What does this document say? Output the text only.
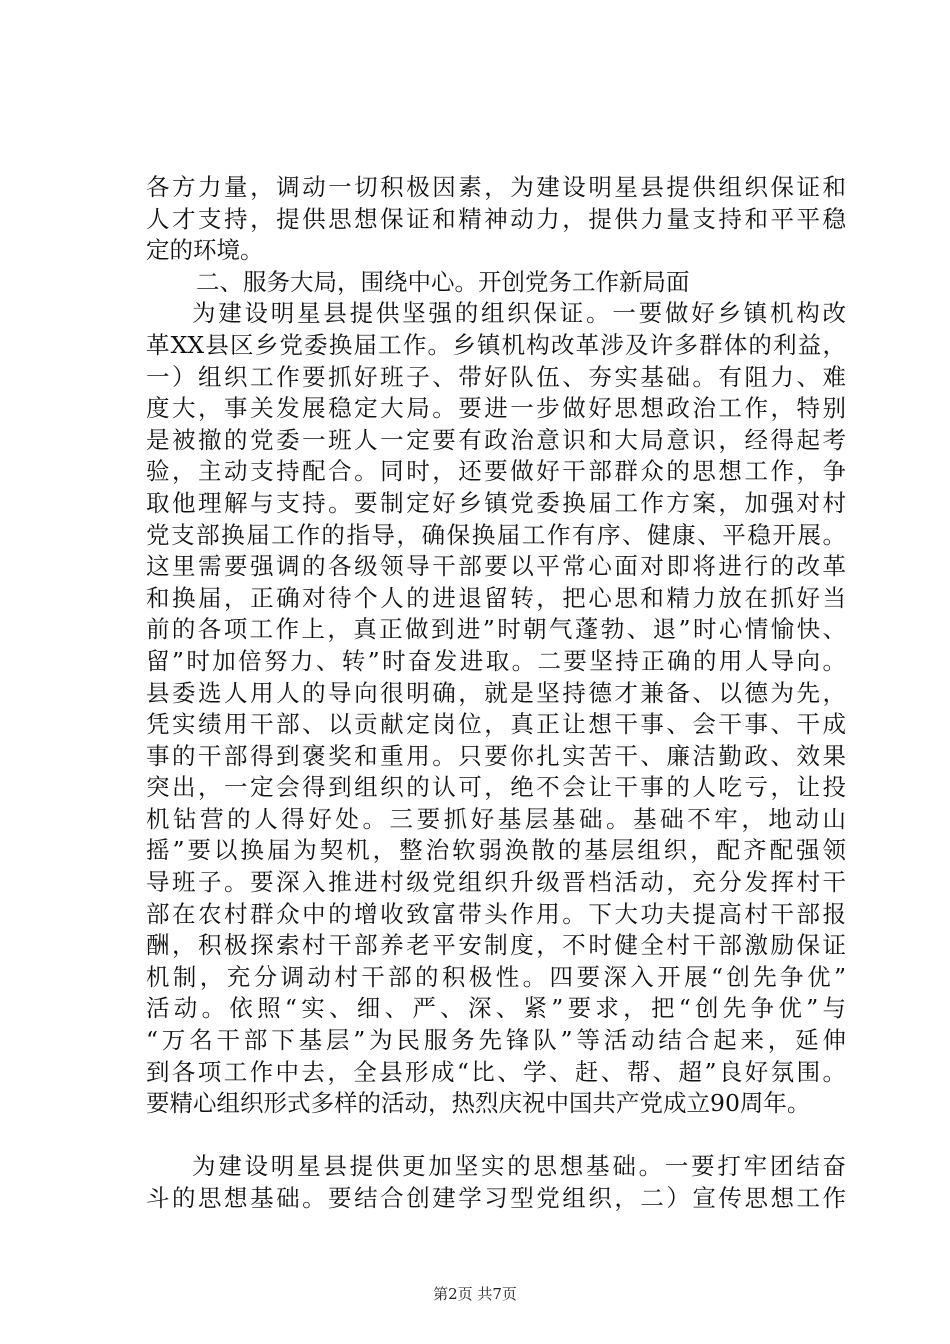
各方力量，调动一切积极因素，为建设明星县提供组织保证和
人才支持，提供思想保证和精神动力，提供力量支持和平平稳
定的环境。
二、服务大局，围绕中心。开创党务工作新局面
为建设明星县提供坚强的组织保证。一要做好乡镇机构改
革XX县区乡党委换届工作。乡镇机构改革涉及许多群体的利益，
一）组织工作要抓好班子、带好队伍、夯实基础。有阻力、难
度大，事关发展稳定大局。要进一步做好思想政治工作，特别
是被撤的党委一班人一定要有政治意识和大局意识，经得起考
验，主动支持配合。同时，还要做好干部群众的思想工作，争
取他理解与支持。要制定好乡镇党委换届工作方案，加强对村
党支部换届工作的指导，确保换届工作有序、健康、平稳开展。
这里需要强调的各级领导干部要以平常心面对即将进行的改革
和换届，正确对待个人的进退留转，把心思和精力放在抓好当
前的各项工作上，真正做到进”时朝气蓬勃、退”时心情愉快、
留”时加倍努力、转”时奋发进取。二要坚持正确的用人导向。
县委选人用人的导向很明确，就是坚持德才兼备、以德为先，
凭实绩用干部、以贡献定岗位，真正让想干事、会干事、干成
事的干部得到褒奖和重用。只要你扎实苦干、廉洁勤政、效果
突出，一定会得到组织的认可，绝不会让干事的人吃亏，让投
机钻营的人得好处。三要抓好基层基础。基础不牢，地动山
摇”要以换届为契机，整治软弱涣散的基层组织，配齐配强领
导班子。要深入推进村级党组织升级晋档活动，充分发挥村干
部在农村群众中的增收致富带头作用。下大功夫提高村干部报
酬，积极探索村干部养老平安制度，不时健全村干部激励保证
机制，充分调动村干部的积极性。四要深入开展“创先争优”
活动。依照“实、细、严、深、紧”要求，把“创先争优”与
“万名干部下基层”为民服务先锋队”等活动结合起来，延伸
到各项工作中去，全县形成“比、学、赶、帮、超”良好氛围。
要精心组织形式多样的活动，热烈庆祝中国共产党成立90周年。
为建设明星县提供更加坚实的思想基础。一要打牢团结奋
斗的思想基础。要结合创建学习型党组织，二）宣传思想工作
第2页 共7页
